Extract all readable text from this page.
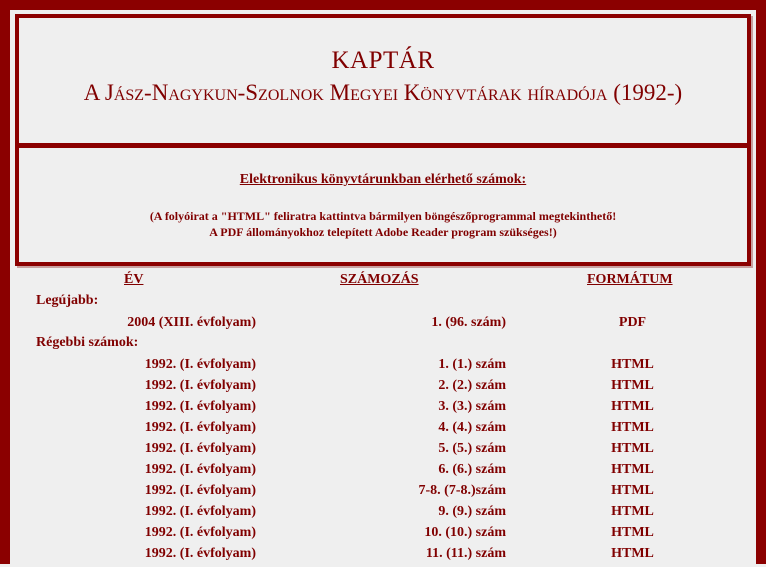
KAPTÁR
A Jász-Nagykun-Szolnok Megyei Könyvtárak híradója (1992-)
Elektronikus könyvtárunkban elérhető számok:
(A folyóirat a "HTML" feliratra kattintva bármilyen böngészőprogrammal megtekinthető!
A PDF állományokhoz telepített Adobe Reader program szükséges!)
ÉV	SZÁMOZÁS	FORMÁTUM
Legújabb:
2004 (XIII. évfolyam)	1. (96. szám)	PDF
Régebbi számok:
1992. (I. évfolyam)	1. (1.) szám	HTML
1992. (I. évfolyam)	2. (2.) szám	HTML
1992. (I. évfolyam)	3. (3.) szám	HTML
1992. (I. évfolyam)	4. (4.) szám	HTML
1992. (I. évfolyam)	5. (5.) szám	HTML
1992. (I. évfolyam)	6. (6.) szám	HTML
1992. (I. évfolyam)	7-8. (7-8.)szám	HTML
1992. (I. évfolyam)	9. (9.) szám	HTML
1992. (I. évfolyam)	10. (10.) szám	HTML
1992. (I. évfolyam)	11. (11.) szám	HTML
